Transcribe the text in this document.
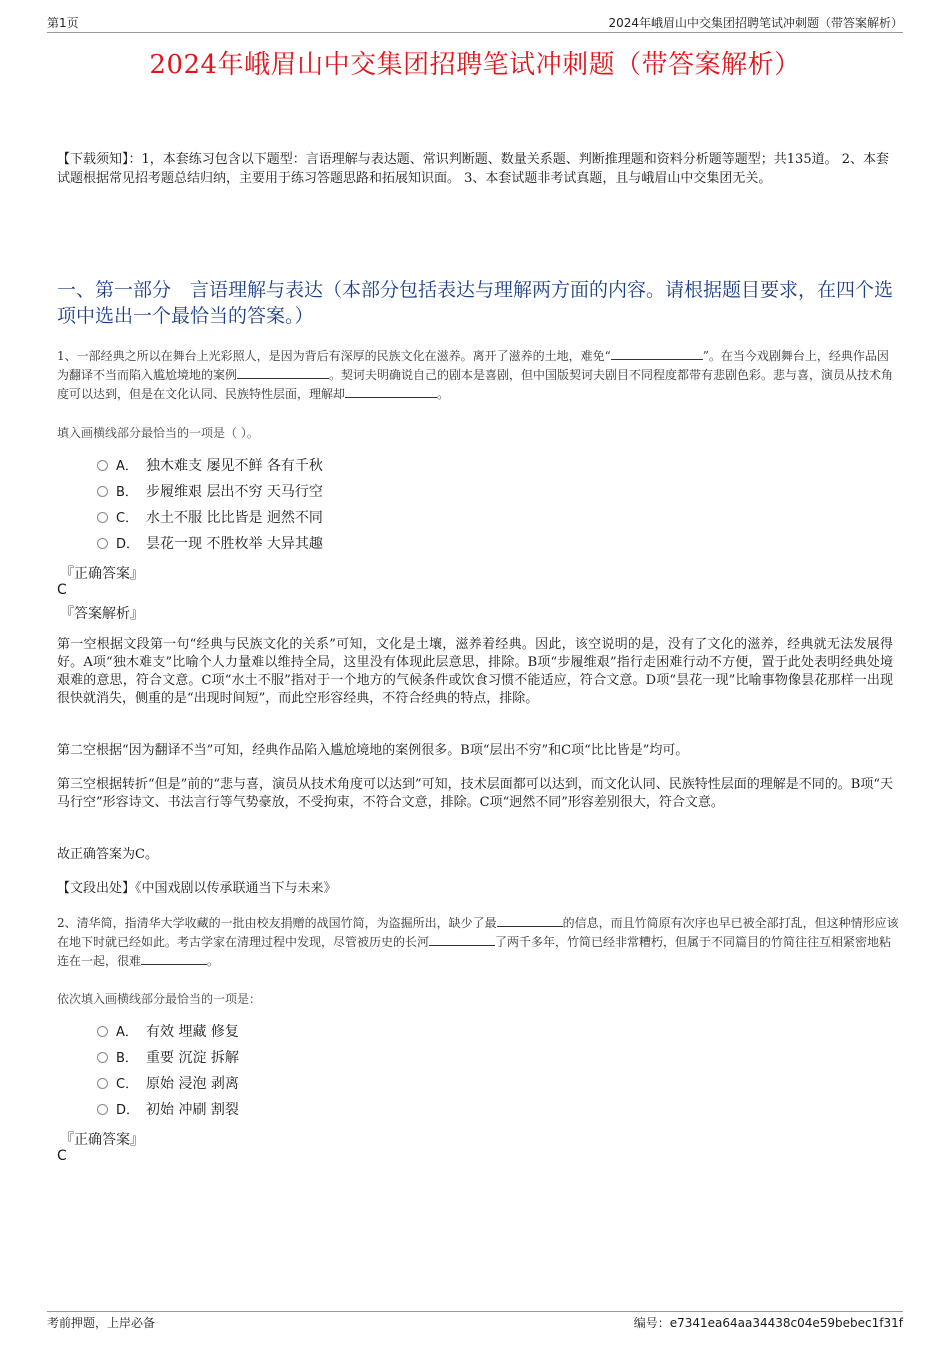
第1页	2024年峨眉山中交集团招聘笔试冲刺题（带答案解析）
2024年峨眉山中交集团招聘笔试冲刺题（带答案解析）
【下载须知】：1，本套练习包含以下题型：言语理解与表达题、常识判断题、数量关系题、判断推理题和资料分析题等题型；共135道。 2、本套试题根据常见招考题总结归纳，主要用于练习答题思路和拓展知识面。 3、本套试题非考试真题，且与峨眉山中交集团无关。
一、第一部分　言语理解与表达（本部分包括表达与理解两方面的内容。请根据题目要求，在四个选项中选出一个最恰当的答案。）
1、一部经典之所以在舞台上光彩照人，是因为背后有深厚的民族文化在滋养。离开了滋养的土地，难免“	”。在当今戏剧舞台上，经典作品因为翻译不当而陷入尴尬境地的案例	。契诃夫明确说自己的剧本是喜剧，但中国版契诃夫剧目不同程度都带有悲剧色彩。悲与喜，演员从技术角度可以达到，但是在文化认同、民族特性层面，理解却	。
填入画横线部分最恰当的一项是（ ）。
A． 独木难支 屡见不鲜 各有千秋
B． 步履维艰 层出不穷 天马行空
C． 水土不服 比比皆是 迥然不同
D． 昙花一现 不胜枚举 大异其趣
『正确答案』
C
『答案解析』
第一空根据文段第一句“经典与民族文化的关系”可知，文化是土壤，滋养着经典。因此，该空说明的是，没有了文化的滋养，经典就无法发展得好。A项“独木难支”比喻个人力量难以维持全局，这里没有体现此层意思，排除。B项“步履维艰”指行走困难行动不方便，置于此处表明经典处境艰难的意思，符合文意。C项“水土不服”指对于一个地方的气候条件或饮食习惯不能适应，符合文意。D项“昙花一现”比喻事物像昙花那样一出现很快就消失，侧重的是“出现时间短”，而此空形容经典，不符合经典的特点，排除。
第二空根据“因为翻译不当”可知，经典作品陷入尴尬境地的案例很多。B项“层出不穷”和C项“比比皆是”均可。
第三空根据转折“但是”前的“悲与喜，演员从技术角度可以达到”可知，技术层面都可以达到，而文化认同、民族特性层面的理解是不同的。B项“天马行空”形容诗文、书法言行等气势豪放，不受拘束，不符合文意，排除。C项“迥然不同”形容差别很大，符合文意。
故正确答案为C。
【文段出处】《中国戏剧以传承联通当下与未来》
2、清华简，指清华大学收藏的一批由校友捐赠的战国竹简，为盗掘所出，缺少了最	的信息，而且竹简原有次序也早已被全部打乱，但这种情形应该在地下时就已经如此。考古学家在清理过程中发现，尽管被历史的长河	了两千多年，竹简已经非常糟朽，但属于不同篇目的竹简往往互相紧密地粘连在一起，很难	。
依次填入画横线部分最恰当的一项是：
A． 有效 埋藏 修复
B． 重要 沉淀 拆解
C． 原始 浸泡 剥离
D． 初始 冲刷 割裂
『正确答案』
C
考前押题，上岸必备	编号：e7341ea64aa34438c04e59bebec1f31f
